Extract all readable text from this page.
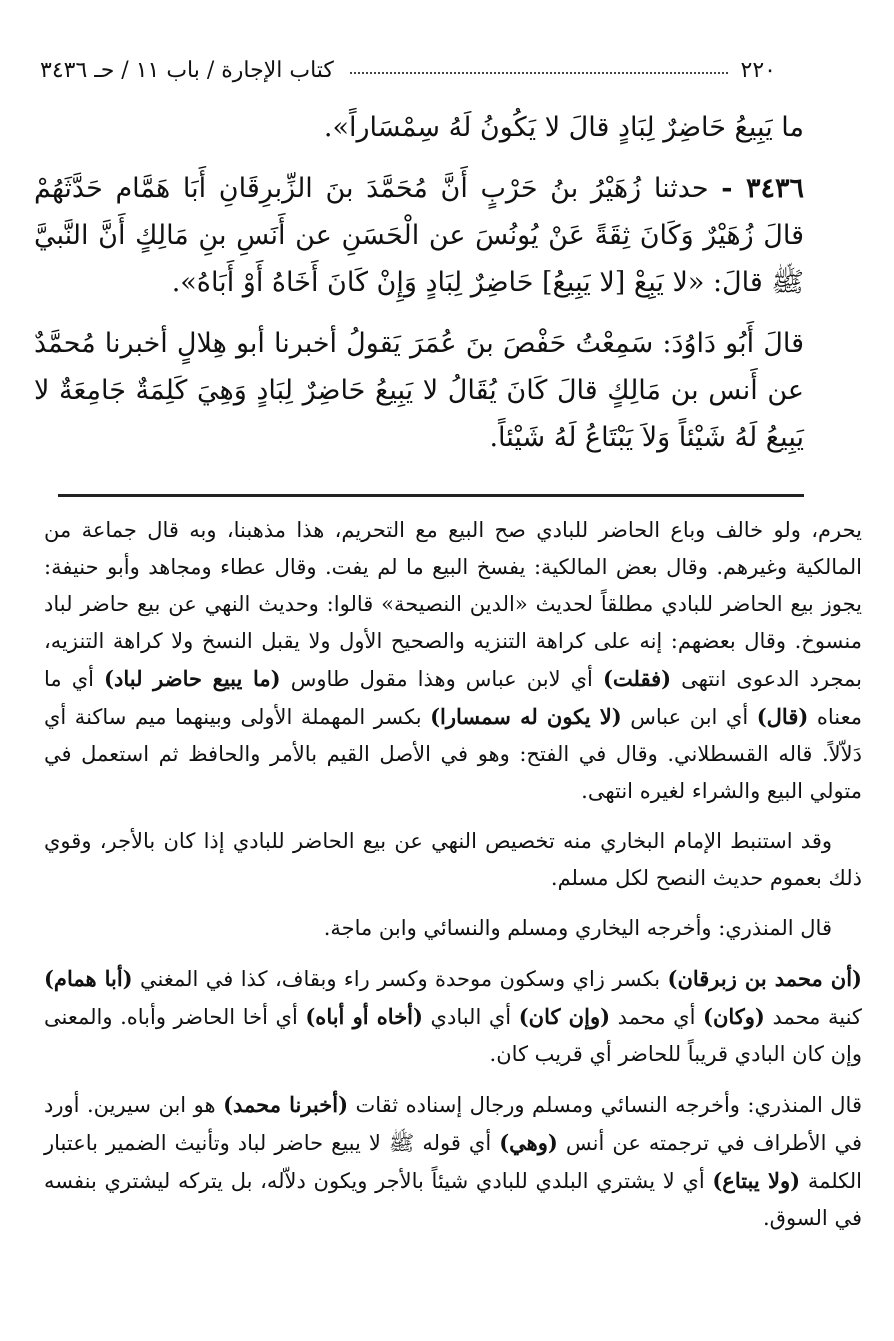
٢٢٠
كتاب الإجارة / باب ١١ / حـ ٣٤٣٦

ما يَبِيعُ حَاضِرٌ لِبَادٍ قالَ لا يَكُونُ لَهُ سِمْسَاراً».

٣٤٣٦ - حدثنا زُهَيْرُ بنُ حَرْبٍ أَنَّ مُحَمَّدَ بنَ الزِّبرِقَانِ أَبَا هَمَّام حَدَّثَهُمْ قالَ زُهَيْرٌ وَكَانَ ثِقَةً عَنْ يُونُسَ عن الْحَسَنِ عن أَنَسِ بنِ مَالِكٍ أَنَّ النَّبيَّ ﷺ قالَ: «لا يَبِعْ [لا يَبِيعُ] حَاضِرٌ لِبَادٍ وَإِنْ كَانَ أَخَاهُ أَوْ أَبَاهُ».

قالَ أَبُو دَاوُدَ: سَمِعْتُ حَفْصَ بنَ عُمَرَ يَقولُ أخبرنا أبو هِلالٍ أخبرنا مُحمَّدٌ عن أَنس بن مَالِكٍ قالَ كَانَ يُقَالُ لا يَبِيعُ حَاضِرٌ لِبَادٍ وَهِيَ كَلِمَةٌ جَامِعَةٌ لا يَبِيعُ لَهُ شَيْئاً وَلاَ يَبْتَاعُ لَهُ شَيْئاً.

يحرم، ولو خالف وباع الحاضر للبادي صح البيع مع التحريم، هذا مذهبنا، وبه قال جماعة من المالكية وغيرهم. وقال بعض المالكية: يفسخ البيع ما لم يفت. وقال عطاء ومجاهد وأبو حنيفة: يجوز بيع الحاضر للبادي مطلقاً لحديث «الدين النصيحة» قالوا: وحديث النهي عن بيع حاضر لباد منسوخ. وقال بعضهم: إنه على كراهة التنزيه والصحيح الأول ولا يقبل النسخ ولا كراهة التنزيه، بمجرد الدعوى انتهى (فقلت) أي لابن عباس وهذا مقول طاوس (ما يبيع حاضر لباد) أي ما معناه (قال) أي ابن عباس (لا يكون له سمسارا) بكسر المهملة الأولى وبينهما ميم ساكنة أي دَلاّلاً. قاله القسطلاني. وقال في الفتح: وهو في الأصل القيم بالأمر والحافظ ثم استعمل في متولي البيع والشراء لغيره انتهى.

وقد استنبط الإمام البخاري منه تخصيص النهي عن بيع الحاضر للبادي إذا كان بالأجر، وقوي ذلك بعموم حديث النصح لكل مسلم.

قال المنذري: وأخرجه اليخاري ومسلم والنسائي وابن ماجة.

(أن محمد بن زبرقان) بكسر زاي وسكون موحدة وكسر راء وبقاف، كذا في المغني (أبا همام) كنية محمد (وكان) أي محمد (وإن كان) أي البادي (أخاه أو أباه) أي أخا الحاضر وأباه. والمعنى وإن كان البادي قريباً للحاضر أي قريب كان.

قال المنذري: وأخرجه النسائي ومسلم ورجال إسناده ثقات (أخبرنا محمد) هو ابن سيرين. أورد في الأطراف في ترجمته عن أنس (وهي) أي قوله ﷺ لا يبيع حاضر لباد وتأنيث الضمير باعتبار الكلمة (ولا يبتاع) أي لا يشتري البلدي للبادي شيئاً بالأجر ويكون دلاّله، بل يتركه ليشتري بنفسه في السوق.
